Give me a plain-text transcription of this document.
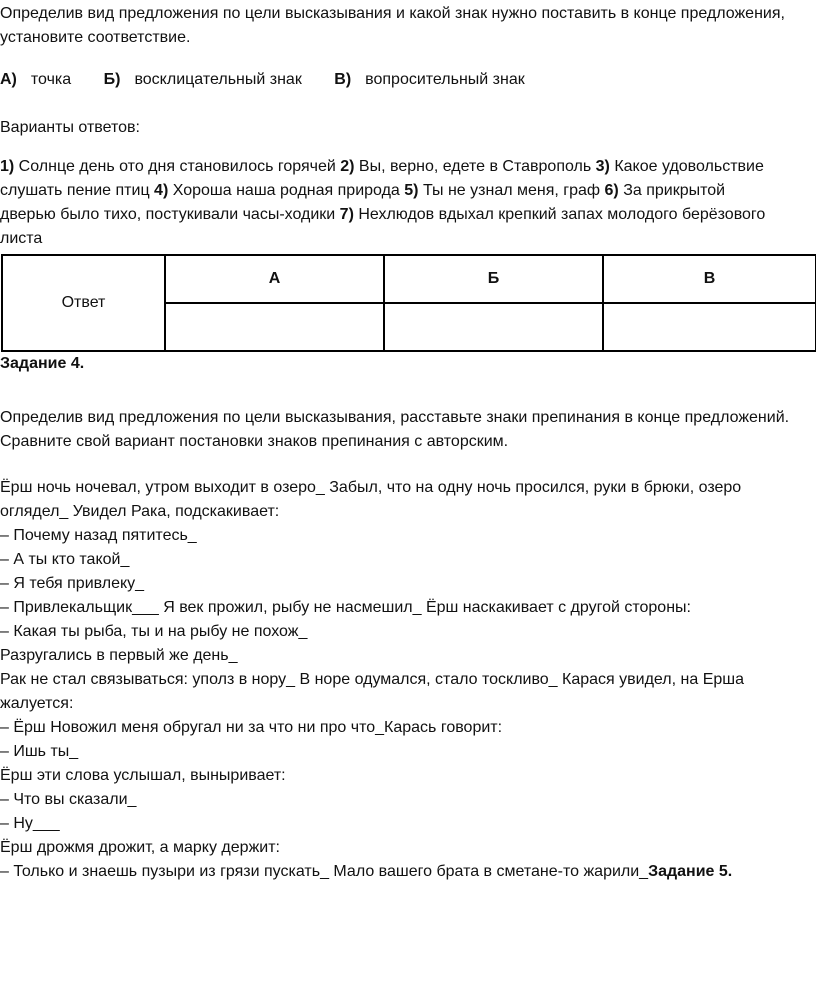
Определив вид предложения по цели высказывания и какой знак нужно поставить в конце предложения,
установите соответствие.
А) точка Б) восклицательный знак В) вопросительный знак
Варианты ответов:
1) Солнце день ото дня становилось горячей 2) Вы, верно, едете в Ставрополь 3) Какое удовольствие
слушать пение птиц 4) Хороша наша родная природа 5) Ты не узнал меня, граф 6) За прикрытой
дверью было тихо, постукивали часы-ходики 7) Нехлюдов вдыхал крепкий запах молодого берёзового
листа
Ответ	А	Б	В

Задание 4.
Определив вид предложения по цели высказывания, расставьте знаки препинания в конце предложений.
Сравните свой вариант постановки знаков препинания с авторским.
Ёрш ночь ночевал, утром выходит в озеро_ Забыл, что на одну ночь просился, руки в брюки, озеро
оглядел_ Увидел Рака, подскакивает:
– Почему назад пятитесь_
– А ты кто такой_
– Я тебя привлеку_
– Привлекальщик___ Я век прожил, рыбу не насмешил_ Ёрш наскакивает с другой стороны:
– Какая ты рыба, ты и на рыбу не похож_
Разругались в первый же день_
Рак не стал связываться: уполз в нору_ В норе одумался, стало тоскливо_ Карася увидел, на Ерша
жалуется:
– Ёрш Новожил меня обругал ни за что ни про что_Карась говорит:
– Ишь ты_
Ёрш эти слова услышал, выныривает:
– Что вы сказали_
– Ну___
Ёрш дрожмя дрожит, а марку держит:
– Только и знаешь пузыри из грязи пускать_ Мало вашего брата в сметане-то жарили_Задание 5.
